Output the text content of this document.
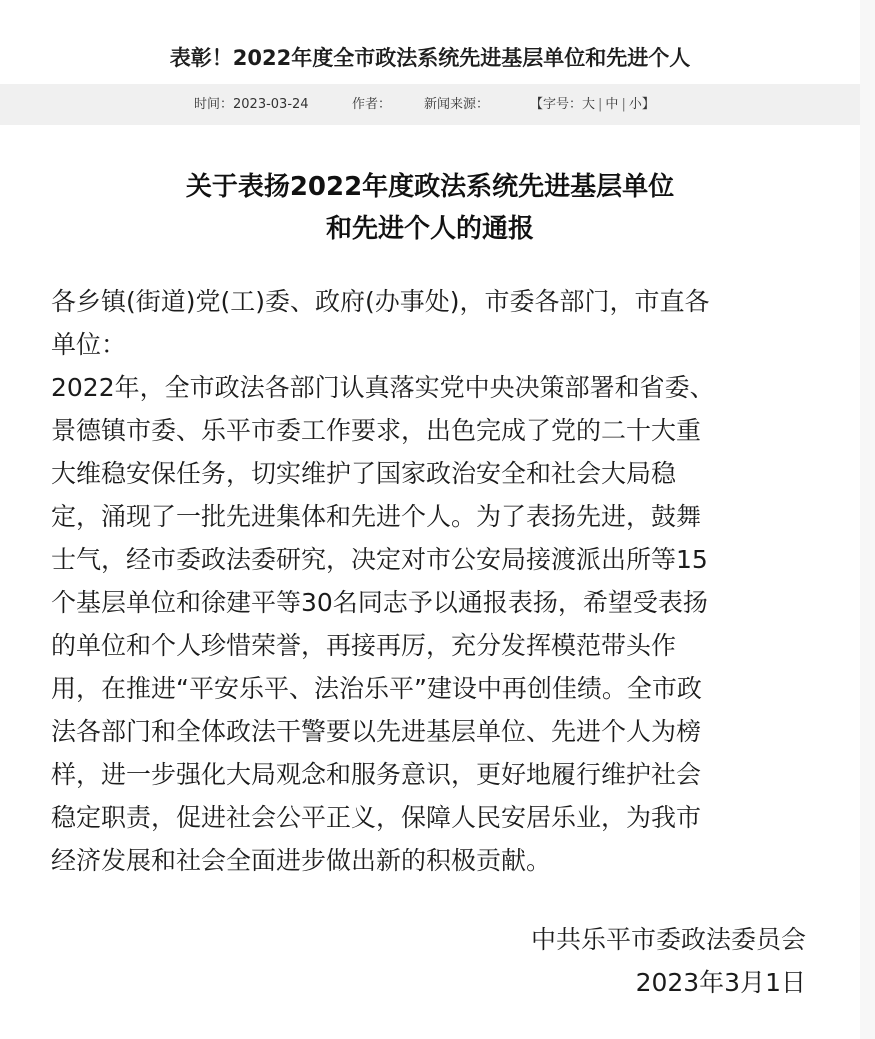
表彰！2022年度全市政法系统先进基层单位和先进个人
时间：2023-03-24	作者：	新闻来源：	【字号：大 | 中 | 小】
关于表扬2022年度政法系统先进基层单位
和先进个人的通报
各乡镇(街道)党(工)委、政府(办事处)，市委各部门，市直各
单位：
2022年，全市政法各部门认真落实党中央决策部署和省委、
景德镇市委、乐平市委工作要求，出色完成了党的二十大重
大维稳安保任务，切实维护了国家政治安全和社会大局稳
定，涌现了一批先进集体和先进个人。为了表扬先进，鼓舞
士气，经市委政法委研究，决定对市公安局接渡派出所等15
个基层单位和徐建平等30名同志予以通报表扬，希望受表扬
的单位和个人珍惜荣誉，再接再厉，充分发挥模范带头作
用，在推进“平安乐平、法治乐平”建设中再创佳绩。全市政
法各部门和全体政法干警要以先进基层单位、先进个人为榜
样，进一步强化大局观念和服务意识，更好地履行维护社会
稳定职责，促进社会公平正义，保障人民安居乐业，为我市
经济发展和社会全面进步做出新的积极贡献。
中共乐平市委政法委员会
2023年3月1日
